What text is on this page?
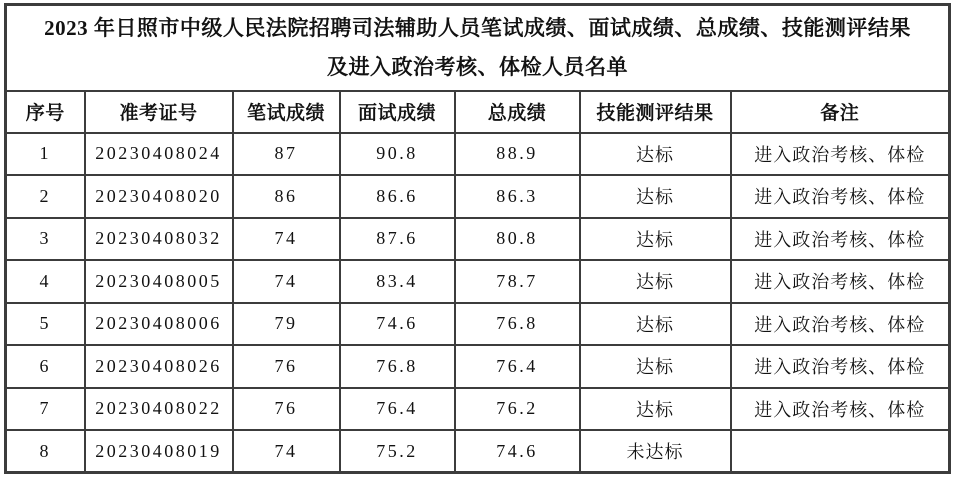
2023 年日照市中级人民法院招聘司法辅助人员笔试成绩、面试成绩、总成绩、技能测评结果
及进入政治考核、体检人员名单						

序号	准考证号	笔试成绩	面试成绩	总成绩	技能测评结果	备注
1	20230408024	87	90.8	88.9	达标	进入政治考核、体检
2	20230408020	86	86.6	86.3	达标	进入政治考核、体检
3	20230408032	74	87.6	80.8	达标	进入政治考核、体检
4	20230408005	74	83.4	78.7	达标	进入政治考核、体检
5	20230408006	79	74.6	76.8	达标	进入政治考核、体检
6	20230408026	76	76.8	76.4	达标	进入政治考核、体检
7	20230408022	76	76.4	76.2	达标	进入政治考核、体检
8	20230408019	74	75.2	74.6	未达标	
